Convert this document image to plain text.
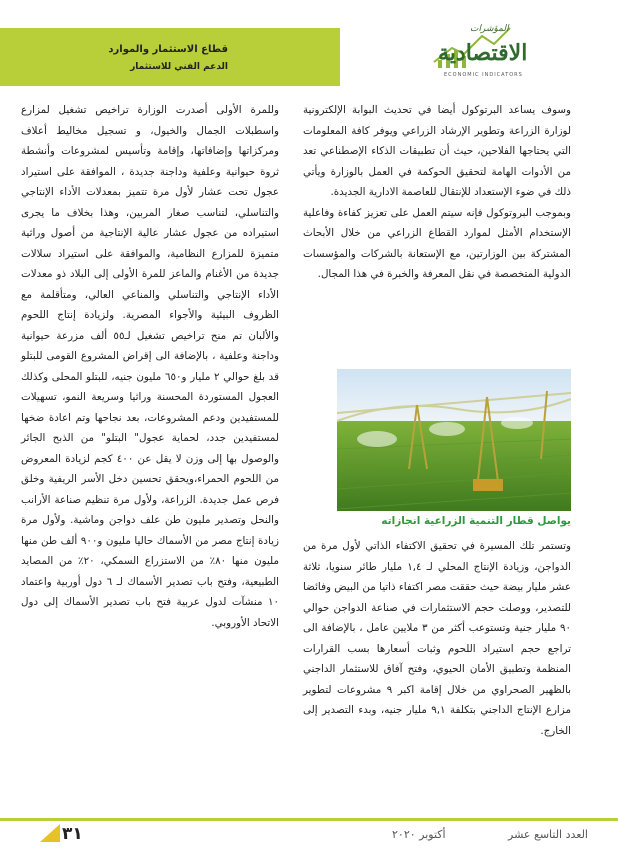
قطاع الاستثمار والموارد
الدعم الفني للاستثمار
المؤشرات
الاقتصادية
ECONOMIC INDICATORS

وسوف يساعد البرتوكول أيضا في تحديث البوابة الإلكترونية لوزارة الزراعة وتطوير الإرشاد الزراعي ويوفر كافة المعلومات التي يحتاجها الفلاحين، حيث أن تطبيقات الذكاء الإصطناعي تعد من الأدوات الهامة لتحقيق الحوكمة في العمل بالوزارة ويأتي ذلك في ضوء الإستعداد للإنتقال للعاصمة الادارية الجديدة.

وبموجب البروتوكول فإنه سيتم العمل على تعزيز كفاءة وفاعلية الإستخدام الأمثل لموارد القطاع الزراعي من خلال الأبحاث المشتركة بين الوزارتين، مع الإستعانة بالشركات والمؤسسات الدولية المتخصصة في نقل المعرفة والخبرة في هذا المجال.

يواصل قطار التنمية الزراعية انجازاته

وتستمر تلك المسيرة في تحقيق الاكتفاء الذاتي لأول مرة من الدواجن، وزيادة الإنتاج المحلي لـ ١,٤ مليار طائر سنويا، ثلاثة عشر مليار بيضة حيث حققت مصر اكتفاء ذاتيا من البيض وفائضا للتصدير، ووصلت حجم الاستثمارات في صناعة الدواجن حوالي ٩٠ مليار جنية وتستوعب أكثر من ٣ ملايين عامل ، بالإضافة الى تراجع حجم استيراد اللحوم وثبات أسعارها بسب القرارات المنظمة وتطبيق الأمان الحيوي، وفتح آفاق للاستثمار الداجني بالظهير الصحراوي من خلال إقامة اكبر ٩ مشروعات لتطوير مزارع الإنتاج الداجني بتكلفة ٩,١ مليار جنيه، وبدء التصدير إلى الخارج.

وللمرة الأولى أصدرت الوزارة تراخيص تشغيل لمزارع واسطبلات الجمال والخيول، و تسجيل مخاليط أعلاف ومركزاتها وإضافاتها، وإقامة وتأسيس لمشروعات وأنشطة ثروة حيوانية وعلفية وداجنة جديدة ، الموافقة على استيراد عجول تحت عشار لأول مرة تتميز بمعدلات الأداء الإنتاجي والتناسلي، لتناسب صغار المربين، وهذا بخلاف ما يجرى استيراده من عجول عشار عالية الإنتاجية من أصول وراثية متميزة للمزارع النظامية، والموافقة على استيراد سلالات جديدة من الأغنام والماعز للمرة الأولى إلى البلاد ذو معدلات الأداء الإنتاجي والتناسلي والمناعي العالي، ومتأقلمة مع الظروف البيئية والأجواء المصرية. ولزيادة إنتاج اللحوم والألبان تم منح تراخيص تشغيل لـ٥٥ ألف مزرعة حيوانية وداجنة وعلفية ، بالإضافة الى إقراض المشروع القومى للبتلو قد بلغ حوالي ٢ مليار و٦٥٠ مليون جنيه، للبتلو المحلى وكذلك العجول المستوردة المحسنة وراثيا وسريعة النمو، تسهيلات للمستفيدين ودعم المشروعات، بعد نجاحها وتم اعادة ضخها لمستفيدين جدد، لحماية عجول" البتلو" من الذبح الجائر والوصول بها إلى وزن لا يقل عن ٤٠٠ كجم لزيادة المعروض من اللحوم الحمراء،ويحقق تحسين دخل الأسر الريفية وخلق فرص عمل جديدة. الزراعة، ولأول مرة تنظيم صناعة الأرانب والنحل وتصدير مليون طن علف دواجن وماشية. ولأول مرة زيادة إنتاج مصر من الأسماك حاليا مليون و٩٠٠ ألف طن منها مليون منها ٨٠٪ من الاستزراع السمكي، ٢٠٪ من المصايد الطبيعية، وفتح باب تصدير الأسماك لـ ٦ دول أوربية واعتماد ١٠ منشآت لدول عربية فتح باب تصدير الأسماك إلى دول الاتحاد الأوروبي.

٣١	أكتوبر ٢٠٢٠	العدد التاسع عشر
